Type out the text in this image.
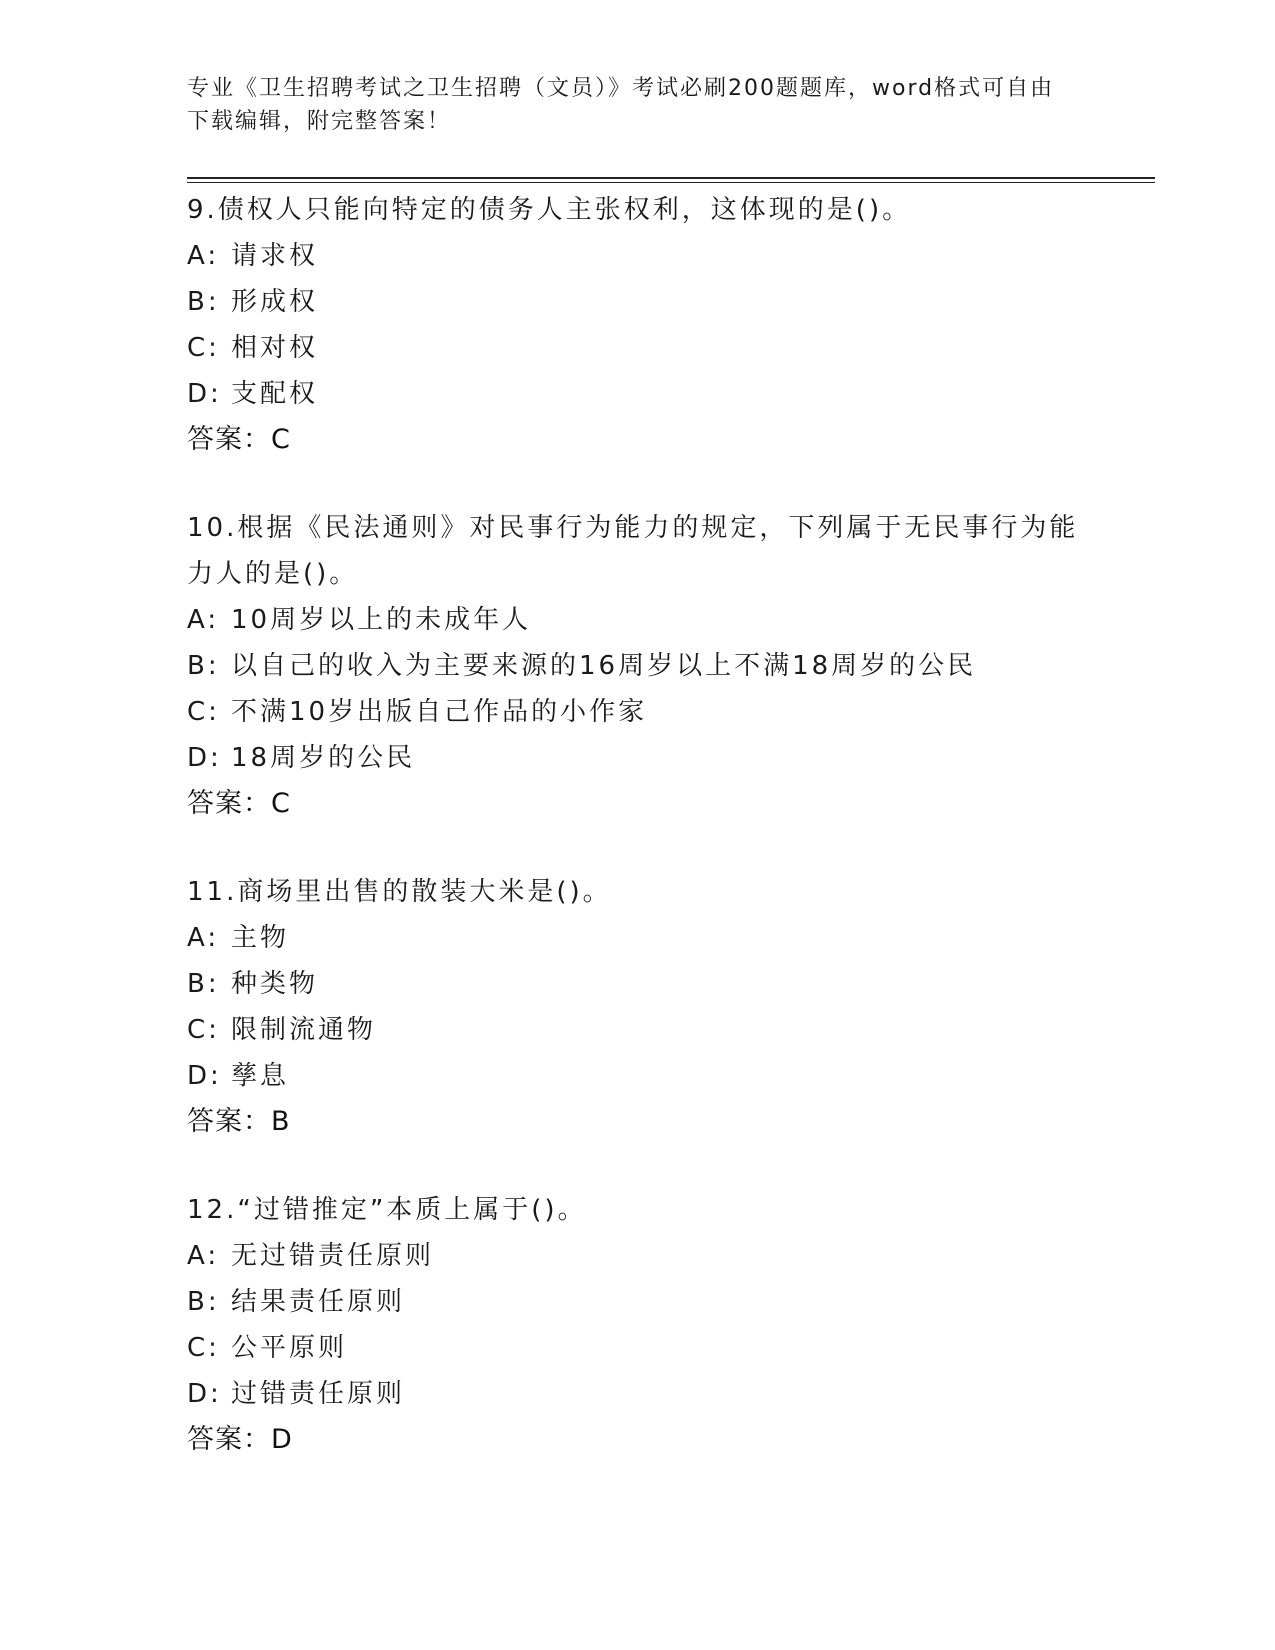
专业《卫生招聘考试之卫生招聘（文员）》考试必刷200题题库，word格式可自由下载编辑，附完整答案！
9.债权人只能向特定的债务人主张权利，这体现的是()。
A: 请求权
B: 形成权
C: 相对权
D: 支配权
答案：C
10.根据《民法通则》对民事行为能力的规定，下列属于无民事行为能力人的是()。
A: 10周岁以上的未成年人
B: 以自己的收入为主要来源的16周岁以上不满18周岁的公民
C: 不满10岁出版自己作品的小作家
D: 18周岁的公民
答案：C
11.商场里出售的散装大米是()。
A: 主物
B: 种类物
C: 限制流通物
D: 孳息
答案：B
12.“过错推定”本质上属于()。
A: 无过错责任原则
B: 结果责任原则
C: 公平原则
D: 过错责任原则
答案：D
